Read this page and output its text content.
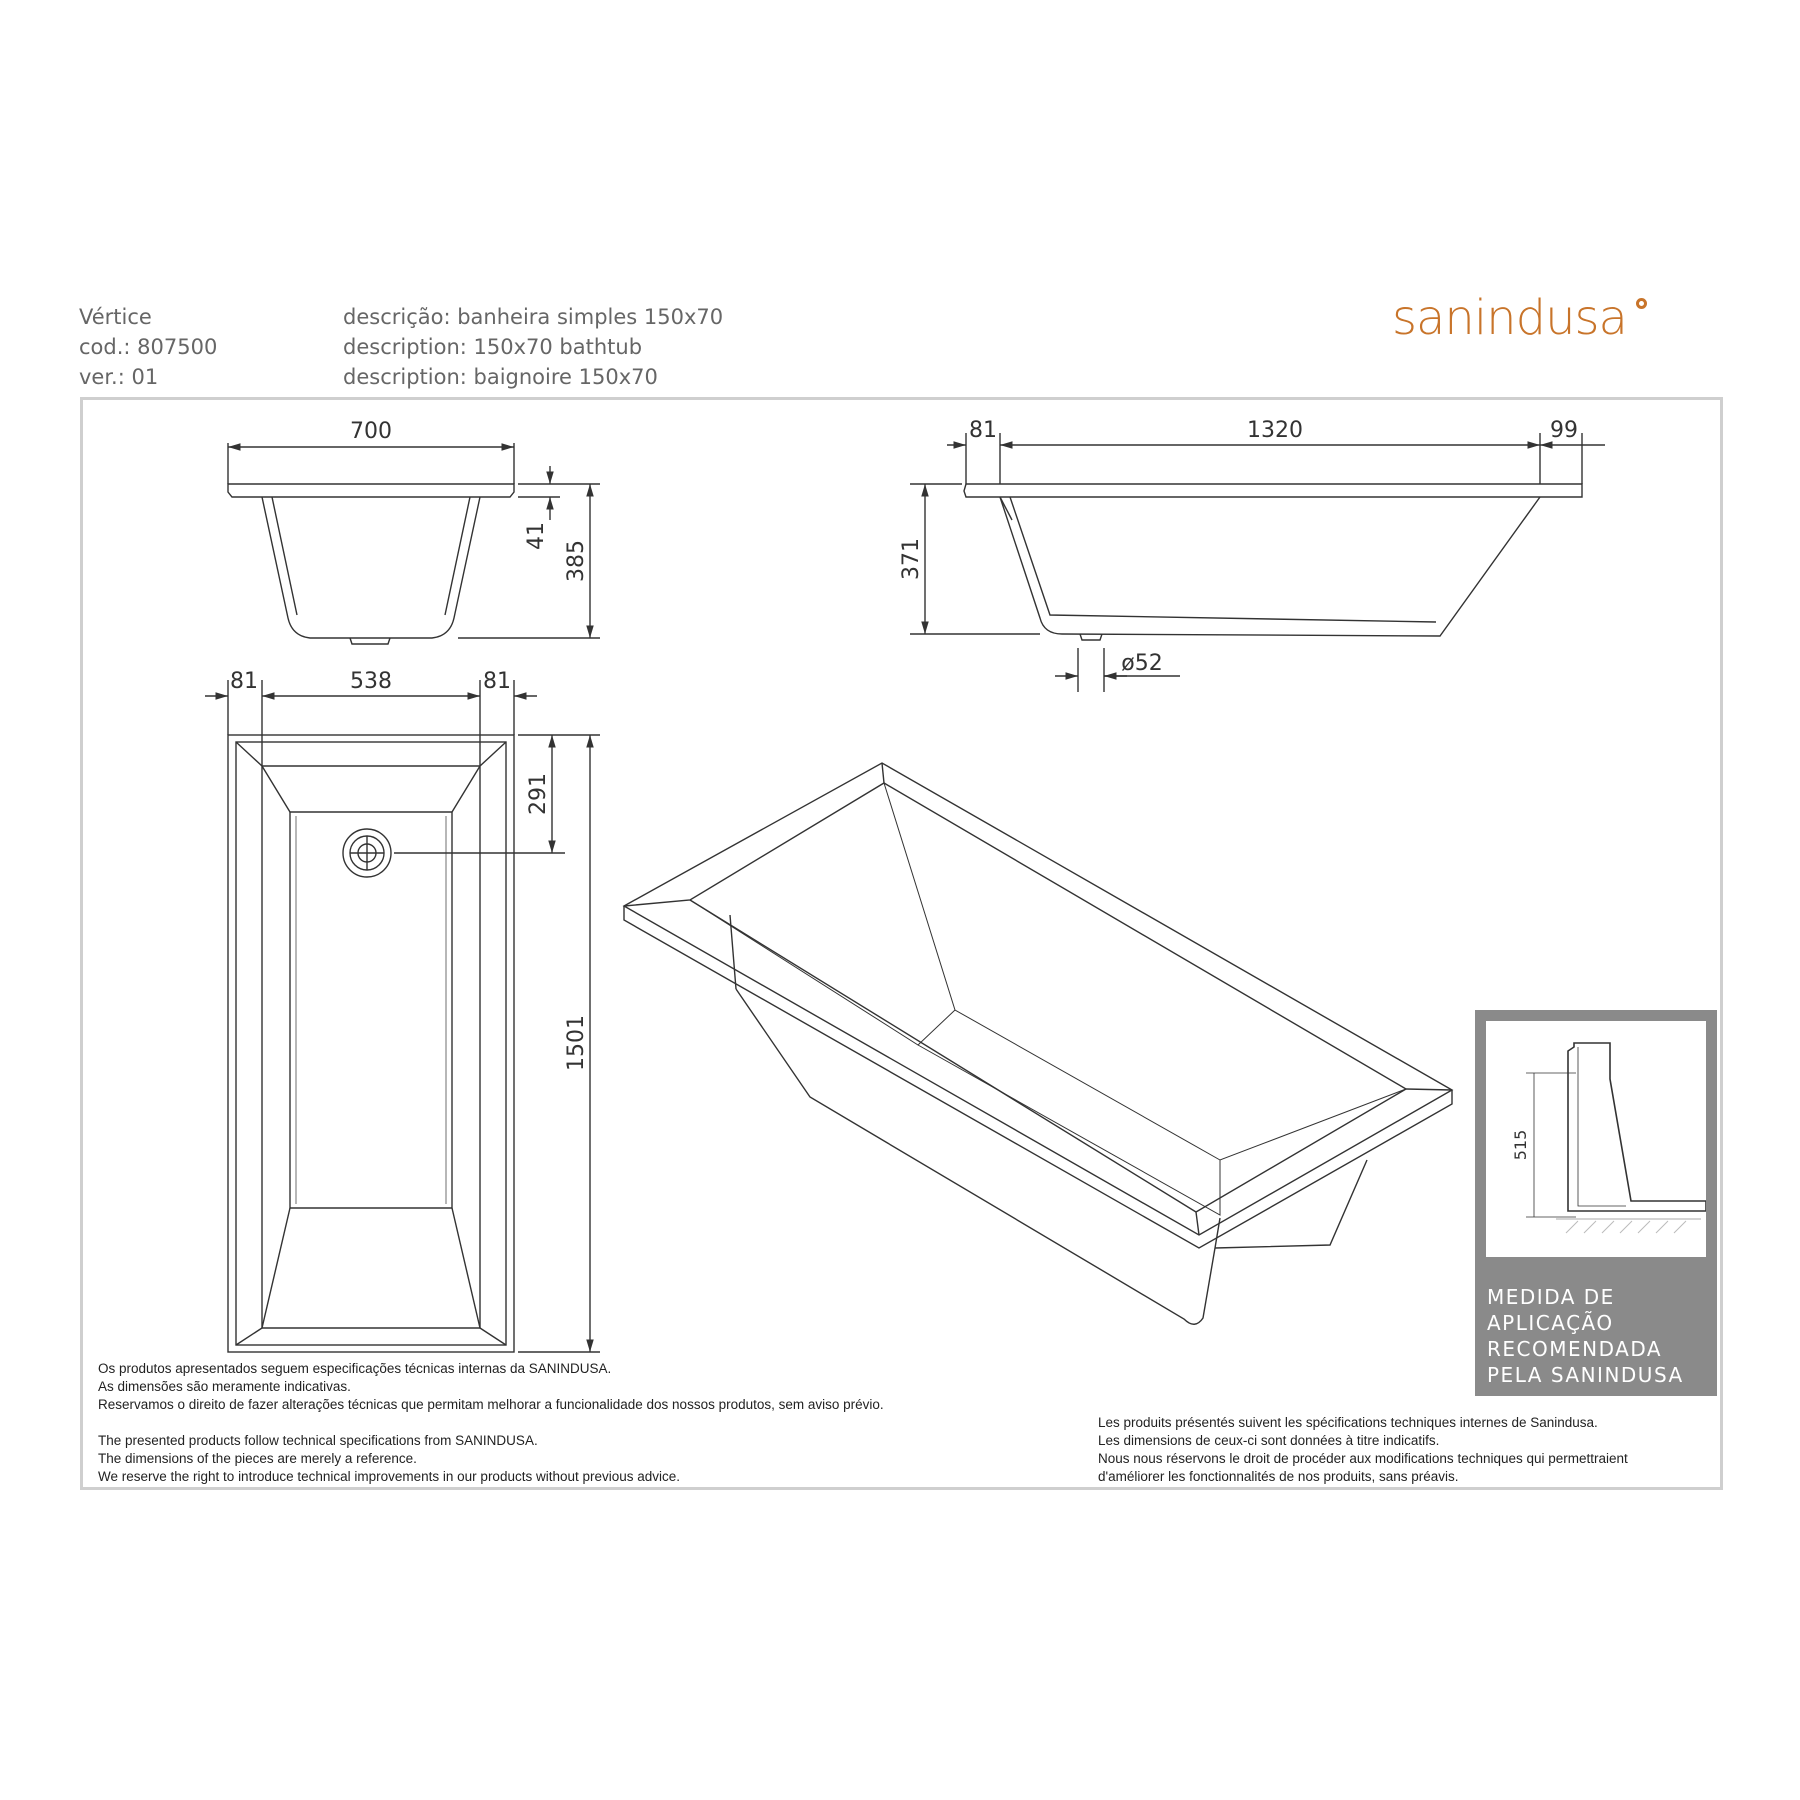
Vértice
cod.: 807500
ver.: 01
descrição: banheira simples 150x70
description: 150x70 bathtub
description: baignoire 150x70
sanindusa
700
41
385
81	1320	99
371
ø52
81	538	81
291
1501
515
MEDIDA DE
APLICAÇÃO
RECOMENDADA
PELA SANINDUSA
Os produtos apresentados seguem especificações técnicas internas da SANINDUSA.
As dimensões são meramente indicativas.
Reservamos o direito de fazer alterações técnicas que permitam melhorar a funcionalidade dos nossos produtos, sem aviso prévio.
The presented products follow technical specifications from SANINDUSA.
The dimensions of the pieces are merely a reference.
We reserve the right to introduce technical improvements in our products without previous advice.
Les produits présentés suivent les spécifications techniques internes de Sanindusa.
Les dimensions de ceux-ci sont données à titre indicatifs.
Nous nous réservons le droit de procéder aux modifications techniques qui permettraient
d'améliorer les fonctionnalités de nos produits, sans préavis.
